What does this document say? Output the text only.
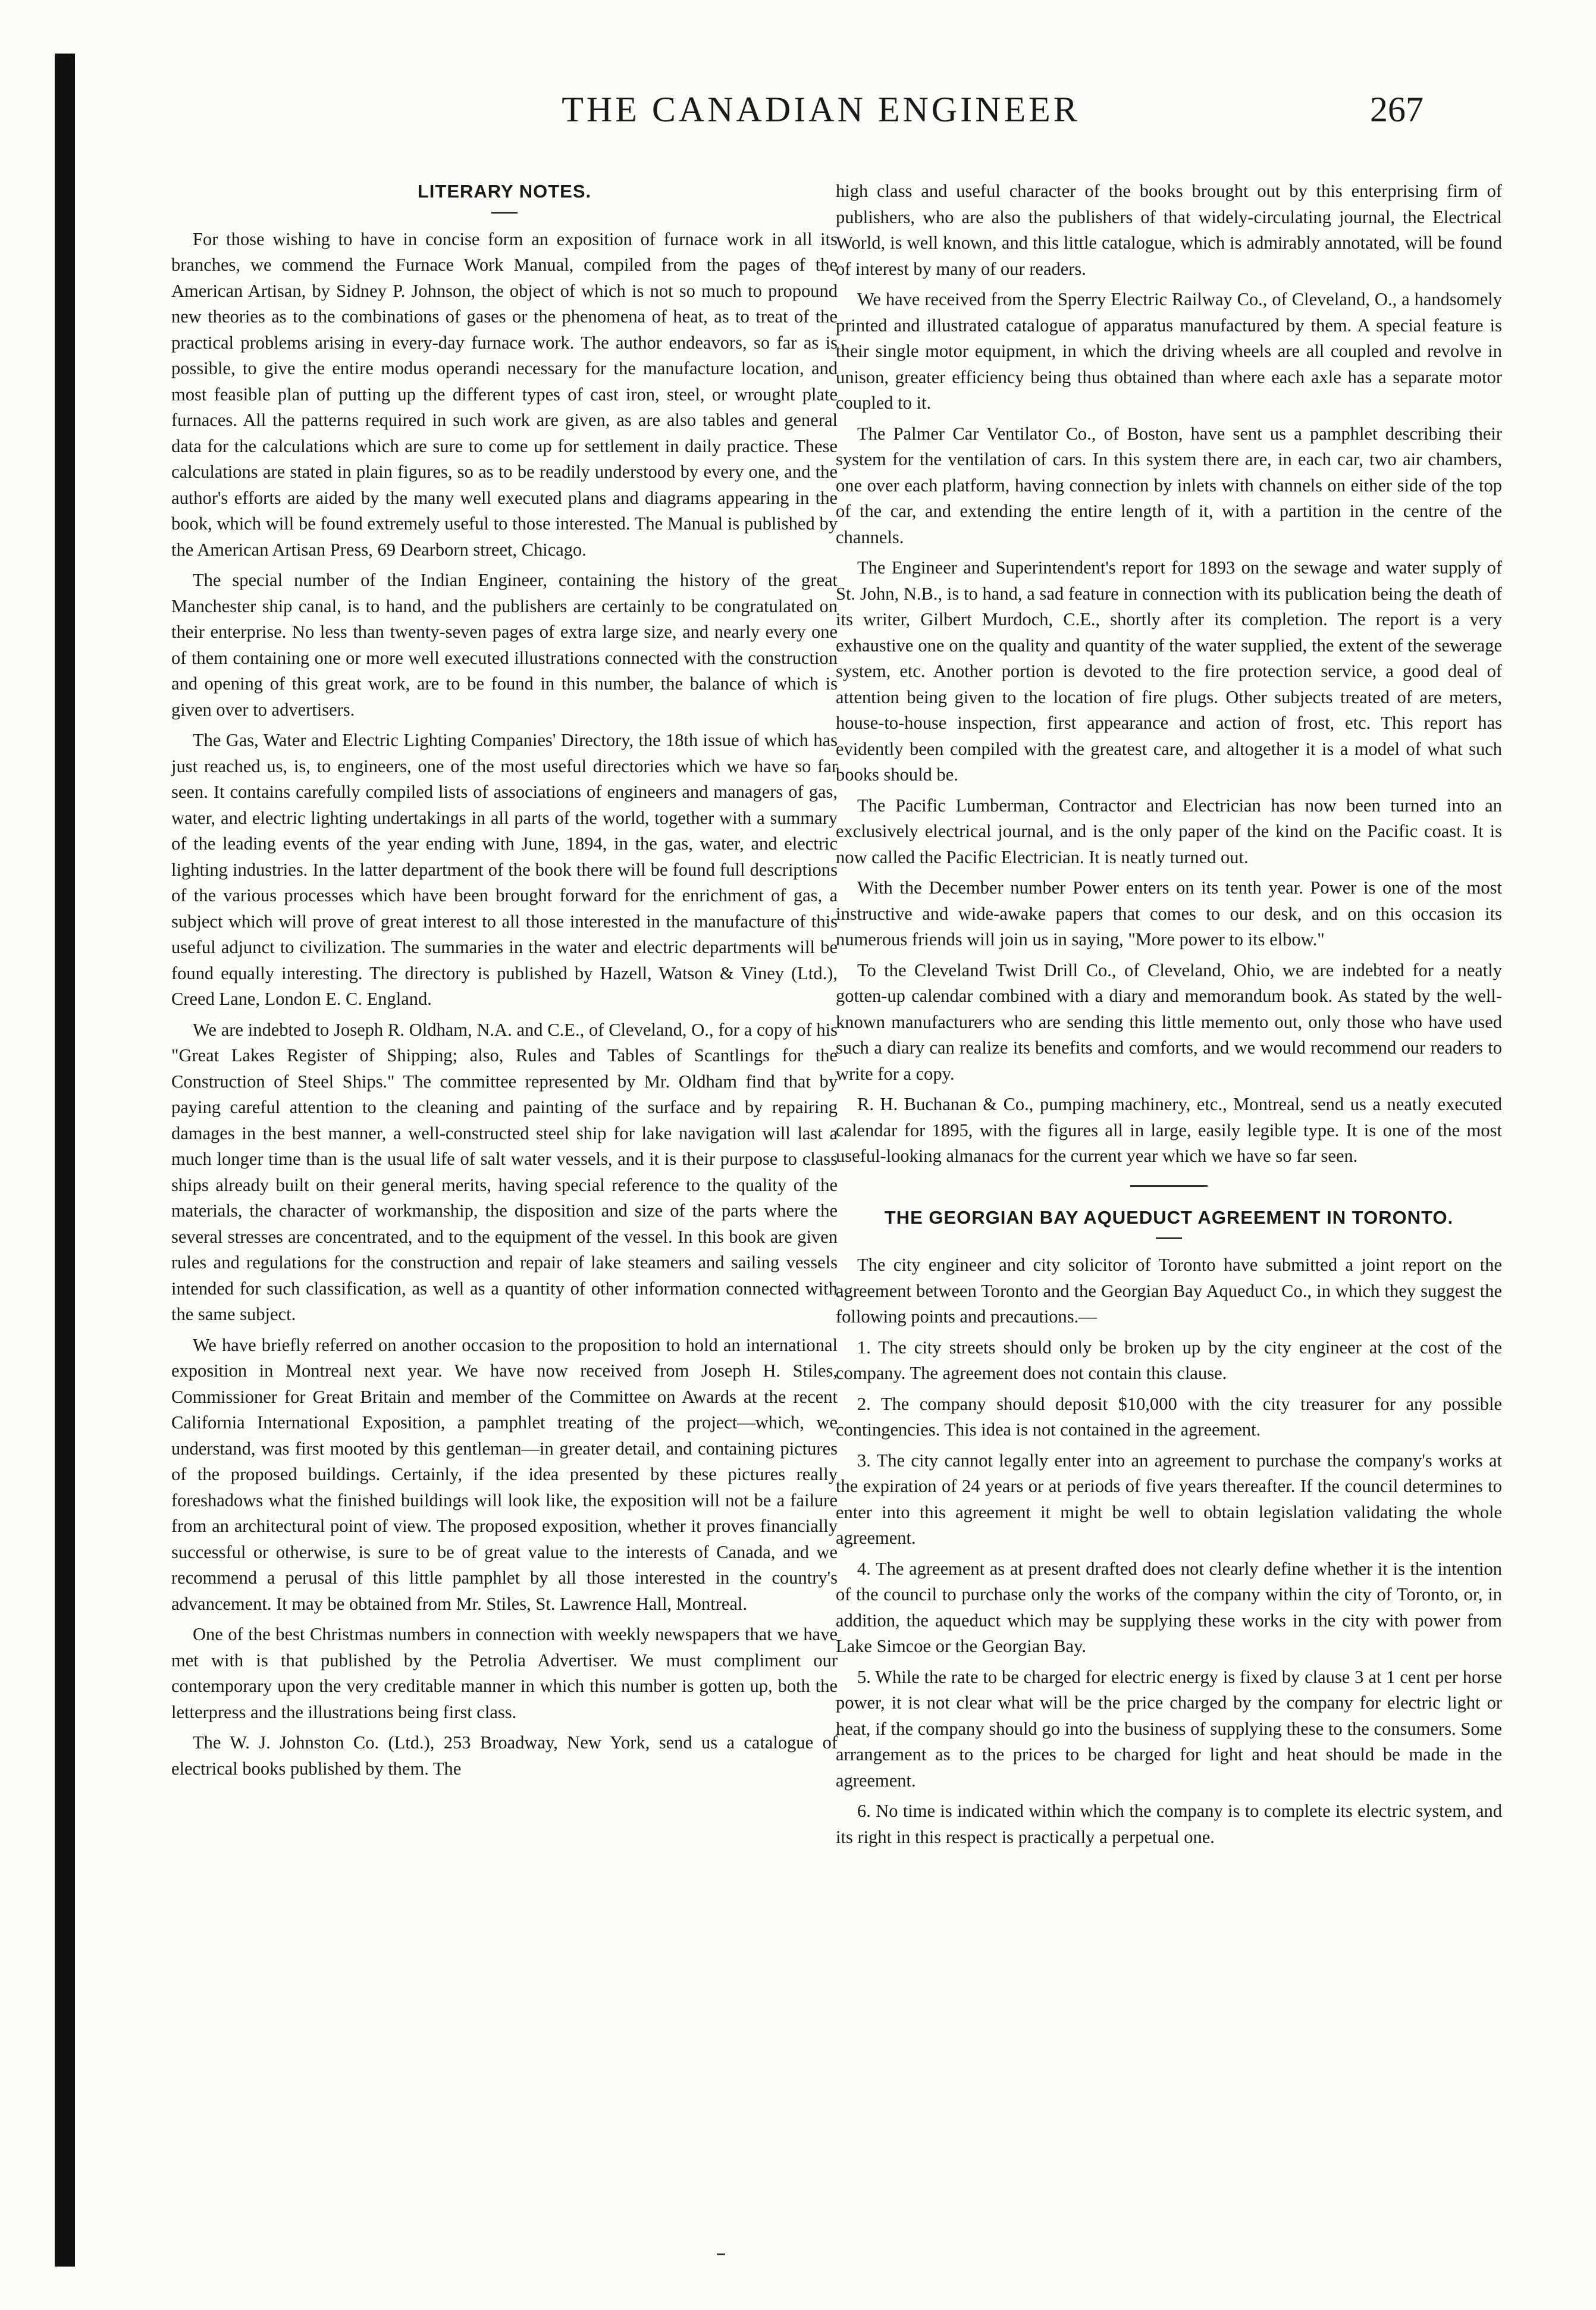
THE CANADIAN ENGINEER	267
LITERARY NOTES.

For those wishing to have in concise form an exposition of furnace work in all its branches, we commend the Furnace Work Manual, compiled from the pages of the American Artisan, by Sidney P. Johnson, the object of which is not so much to propound new theories as to the combinations of gases or the phenomena of heat, as to treat of the practical problems arising in every-day furnace work. The author endeavors, so far as is possible, to give the entire modus operandi necessary for the manufacture location, and most feasible plan of putting up the different types of cast iron, steel, or wrought plate furnaces. All the patterns required in such work are given, as are also tables and general data for the calculations which are sure to come up for settlement in daily practice. These calculations are stated in plain figures, so as to be readily understood by every one, and the author's efforts are aided by the many well executed plans and diagrams appearing in the book, which will be found extremely useful to those interested. The Manual is published by the American Artisan Press, 69 Dearborn street, Chicago.

The special number of the Indian Engineer, containing the history of the great Manchester ship canal, is to hand, and the publishers are certainly to be congratulated on their enterprise. No less than twenty-seven pages of extra large size, and nearly every one of them containing one or more well executed illustrations connected with the construction and opening of this great work, are to be found in this number, the balance of which is given over to advertisers.

The Gas, Water and Electric Lighting Companies' Directory, the 18th issue of which has just reached us, is, to engineers, one of the most useful directories which we have so far seen. It contains carefully compiled lists of associations of engineers and managers of gas, water, and electric lighting undertakings in all parts of the world, together with a summary of the leading events of the year ending with June, 1894, in the gas, water, and electric lighting industries. In the latter department of the book there will be found full descriptions of the various processes which have been brought forward for the enrichment of gas, a subject which will prove of great interest to all those interested in the manufacture of this useful adjunct to civilization. The summaries in the water and electric departments will be found equally interesting. The directory is published by Hazell, Watson & Viney (Ltd.), Creed Lane, London E. C. England.

We are indebted to Joseph R. Oldham, N.A. and C.E., of Cleveland, O., for a copy of his "Great Lakes Register of Shipping; also, Rules and Tables of Scantlings for the Construction of Steel Ships." The committee represented by Mr. Oldham find that by paying careful attention to the cleaning and painting of the surface and by repairing damages in the best manner, a well-constructed steel ship for lake navigation will last a much longer time than is the usual life of salt water vessels, and it is their purpose to class ships already built on their general merits, having special reference to the quality of the materials, the character of workmanship, the disposition and size of the parts where the several stresses are concentrated, and to the equipment of the vessel. In this book are given rules and regulations for the construction and repair of lake steamers and sailing vessels intended for such classification, as well as a quantity of other information connected with the same subject.

We have briefly referred on another occasion to the proposition to hold an international exposition in Montreal next year. We have now received from Joseph H. Stiles, Commissioner for Great Britain and member of the Committee on Awards at the recent California International Exposition, a pamphlet treating of the project—which, we understand, was first mooted by this gentleman—in greater detail, and containing pictures of the proposed buildings. Certainly, if the idea presented by these pictures really foreshadows what the finished buildings will look like, the exposition will not be a failure from an architectural point of view. The proposed exposition, whether it proves financially successful or otherwise, is sure to be of great value to the interests of Canada, and we recommend a perusal of this little pamphlet by all those interested in the country's advancement. It may be obtained from Mr. Stiles, St. Lawrence Hall, Montreal.

One of the best Christmas numbers in connection with weekly newspapers that we have met with is that published by the Petrolia Advertiser. We must compliment our contemporary upon the very creditable manner in which this number is gotten up, both the letterpress and the illustrations being first class.

The W. J. Johnston Co. (Ltd.), 253 Broadway, New York, send us a catalogue of electrical books published by them. The

high class and useful character of the books brought out by this enterprising firm of publishers, who are also the publishers of that widely-circulating journal, the Electrical World, is well known, and this little catalogue, which is admirably annotated, will be found of interest by many of our readers.

We have received from the Sperry Electric Railway Co., of Cleveland, O., a handsomely printed and illustrated catalogue of apparatus manufactured by them. A special feature is their single motor equipment, in which the driving wheels are all coupled and revolve in unison, greater efficiency being thus obtained than where each axle has a separate motor coupled to it.

The Palmer Car Ventilator Co., of Boston, have sent us a pamphlet describing their system for the ventilation of cars. In this system there are, in each car, two air chambers, one over each platform, having connection by inlets with channels on either side of the top of the car, and extending the entire length of it, with a partition in the centre of the channels.

The Engineer and Superintendent's report for 1893 on the sewage and water supply of St. John, N.B., is to hand, a sad feature in connection with its publication being the death of its writer, Gilbert Murdoch, C.E., shortly after its completion. The report is a very exhaustive one on the quality and quantity of the water supplied, the extent of the sewerage system, etc. Another portion is devoted to the fire protection service, a good deal of attention being given to the location of fire plugs. Other subjects treated of are meters, house-to-house inspection, first appearance and action of frost, etc. This report has evidently been compiled with the greatest care, and altogether it is a model of what such books should be.

The Pacific Lumberman, Contractor and Electrician has now been turned into an exclusively electrical journal, and is the only paper of the kind on the Pacific coast. It is now called the Pacific Electrician. It is neatly turned out.

With the December number Power enters on its tenth year. Power is one of the most instructive and wide-awake papers that comes to our desk, and on this occasion its numerous friends will join us in saying, "More power to its elbow."

To the Cleveland Twist Drill Co., of Cleveland, Ohio, we are indebted for a neatly gotten-up calendar combined with a diary and memorandum book. As stated by the well-known manufacturers who are sending this little memento out, only those who have used such a diary can realize its benefits and comforts, and we would recommend our readers to write for a copy.

R. H. Buchanan & Co., pumping machinery, etc., Montreal, send us a neatly executed calendar for 1895, with the figures all in large, easily legible type. It is one of the most useful-looking almanacs for the current year which we have so far seen.

THE GEORGIAN BAY AQUEDUCT AGREEMENT IN TORONTO.

The city engineer and city solicitor of Toronto have submitted a joint report on the agreement between Toronto and the Georgian Bay Aqueduct Co., in which they suggest the following points and precautions.—

1. The city streets should only be broken up by the city engineer at the cost of the company. The agreement does not contain this clause.

2. The company should deposit $10,000 with the city treasurer for any possible contingencies. This idea is not contained in the agreement.

3. The city cannot legally enter into an agreement to purchase the company's works at the expiration of 24 years or at periods of five years thereafter. If the council determines to enter into this agreement it might be well to obtain legislation validating the whole agreement.

4. The agreement as at present drafted does not clearly define whether it is the intention of the council to purchase only the works of the company within the city of Toronto, or, in addition, the aqueduct which may be supplying these works in the city with power from Lake Simcoe or the Georgian Bay.

5. While the rate to be charged for electric energy is fixed by clause 3 at 1 cent per horse power, it is not clear what will be the price charged by the company for electric light or heat, if the company should go into the business of supplying these to the consumers. Some arrangement as to the prices to be charged for light and heat should be made in the agreement.

6. No time is indicated within which the company is to complete its electric system, and its right in this respect is practically a perpetual one.
